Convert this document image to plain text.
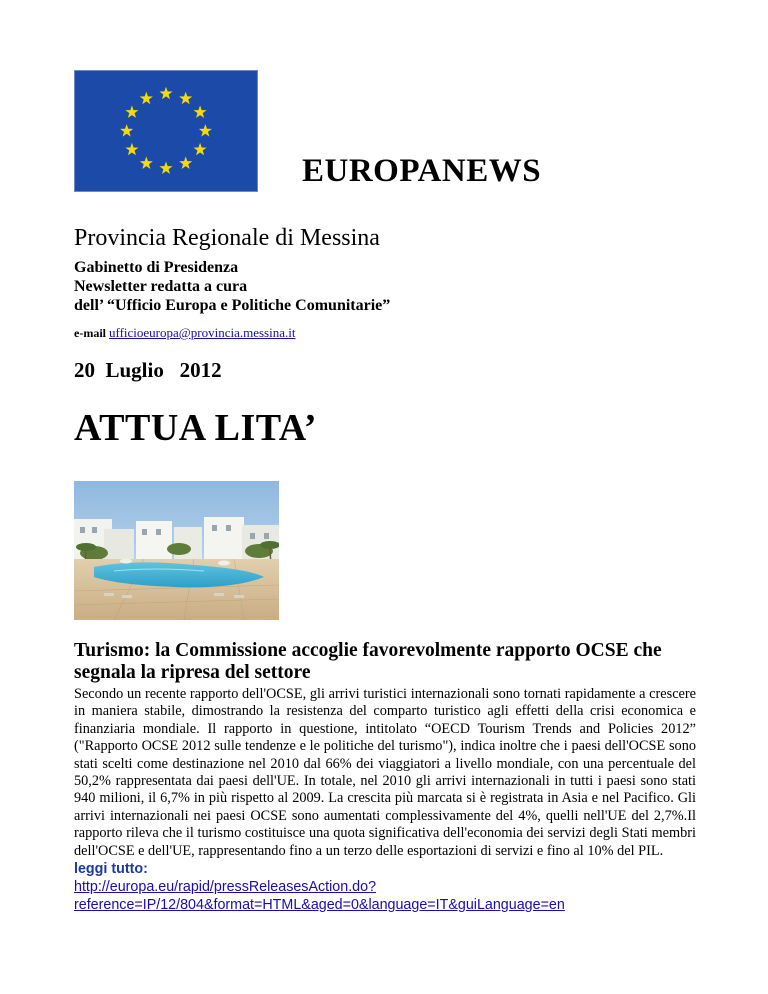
EUROPANEWS
Provincia Regionale di Messina
Gabinetto di Presidenza
Newsletter redatta a cura
dell’ “Ufficio Europa e Politiche Comunitarie”
e-mail ufficioeuropa@provincia.messina.it
20  Luglio   2012
ATTUA LITA’
Turismo: la Commissione accoglie favorevolmente rapporto OCSE che segnala la ripresa del settore
Secondo un recente rapporto dell'OCSE, gli arrivi turistici internazionali sono tornati rapidamente a crescere in maniera stabile, dimostrando la resistenza del comparto turistico agli effetti della crisi economica e finanziaria mondiale. Il rapporto in questione, intitolato “OECD Tourism Trends and Policies 2012” ("Rapporto OCSE 2012 sulle tendenze e le politiche del turismo"), indica inoltre che i paesi dell'OCSE sono stati scelti come destinazione nel 2010 dal 66% dei viaggiatori a livello mondiale, con una percentuale del 50,2% rappresentata dai paesi dell'UE. In totale, nel 2010 gli arrivi internazionali in tutti i paesi sono stati 940 milioni, il 6,7% in più rispetto al 2009. La crescita più marcata si è registrata in Asia e nel Pacifico. Gli arrivi internazionali nei paesi OCSE sono aumentati complessivamente del 4%, quelli nell'UE del 2,7%.Il rapporto rileva che il turismo costituisce una quota significativa dell'economia dei servizi degli Stati membri dell'OCSE e dell'UE, rappresentando fino a un terzo delle esportazioni di servizi e fino al 10% del PIL.
leggi tutto:
http://europa.eu/rapid/pressReleasesAction.do?
reference=IP/12/804&format=HTML&aged=0&language=IT&guiLanguage=en
